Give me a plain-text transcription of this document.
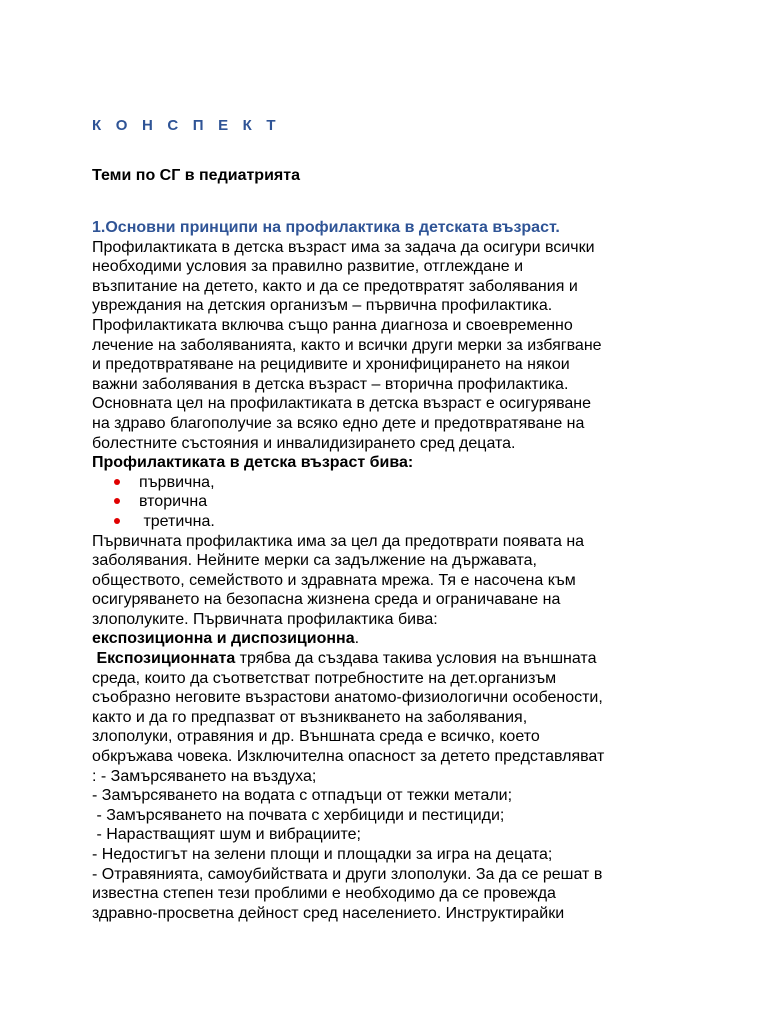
К О Н С П Е К Т
Теми по СГ в педиатрията
1.Основни принципи на профилактика в детската възраст.
Профилактиката в детска възраст има за задача да осигури всички
необходими условия за правилно развитие, отглеждане и
възпитание на детето, както и да се предотвратят заболявания и
увреждания на детския организъм – първична профилактика.
Профилактиката включва също ранна диагноза и своевременно
лечение на заболяванията, както и всички други мерки за избягване
и предотвратяване на рецидивите и хронифицирането на някои
важни заболявания в детска възраст – вторична профилактика.
Основната цел на профилактиката в детска възраст е осигуряване
на здраво благополучие за всяко едно дете и предотвратяване на
болестните състояния и инвалидизирането сред децата.
Профилактиката в детска възраст бива:
първична,
вторична
третична.
Първичната профилактика има за цел да предотврати появата на
заболявания. Нейните мерки са задължение на държавата,
обществото, семейството и здравната мрежа. Тя е насочена към
осигуряването на безопасна жизнена среда и ограничаване на
злополуките. Първичната профилактика бива:
експозиционна и диспозиционна.
Експозиционната трябва да създава такива условия на външната
среда, които да съответстват потребностите на дет.организъм
съобразно неговите възрастови анатомо-физиологични особености,
както и да го предпазват от възникването на заболявания,
злополуки, отравяния и др. Външната среда е всичко, което
обкръжава човека. Изключителна опасност за детето представляват
: - Замърсяването на въздуха;
- Замърсяването на водата с отпадъци от тежки метали;
- Замърсяването на почвата с хербициди и пестициди;
- Нарастващият шум и вибрациите;
- Недостигът на зелени площи и площадки за игра на децата;
- Отравянията, самоубийствата и други злополуки. За да се решат в
известна степен тези проблими е необходимо да се провежда
здравно-просветна дейност сред населението. Инструктирайки
